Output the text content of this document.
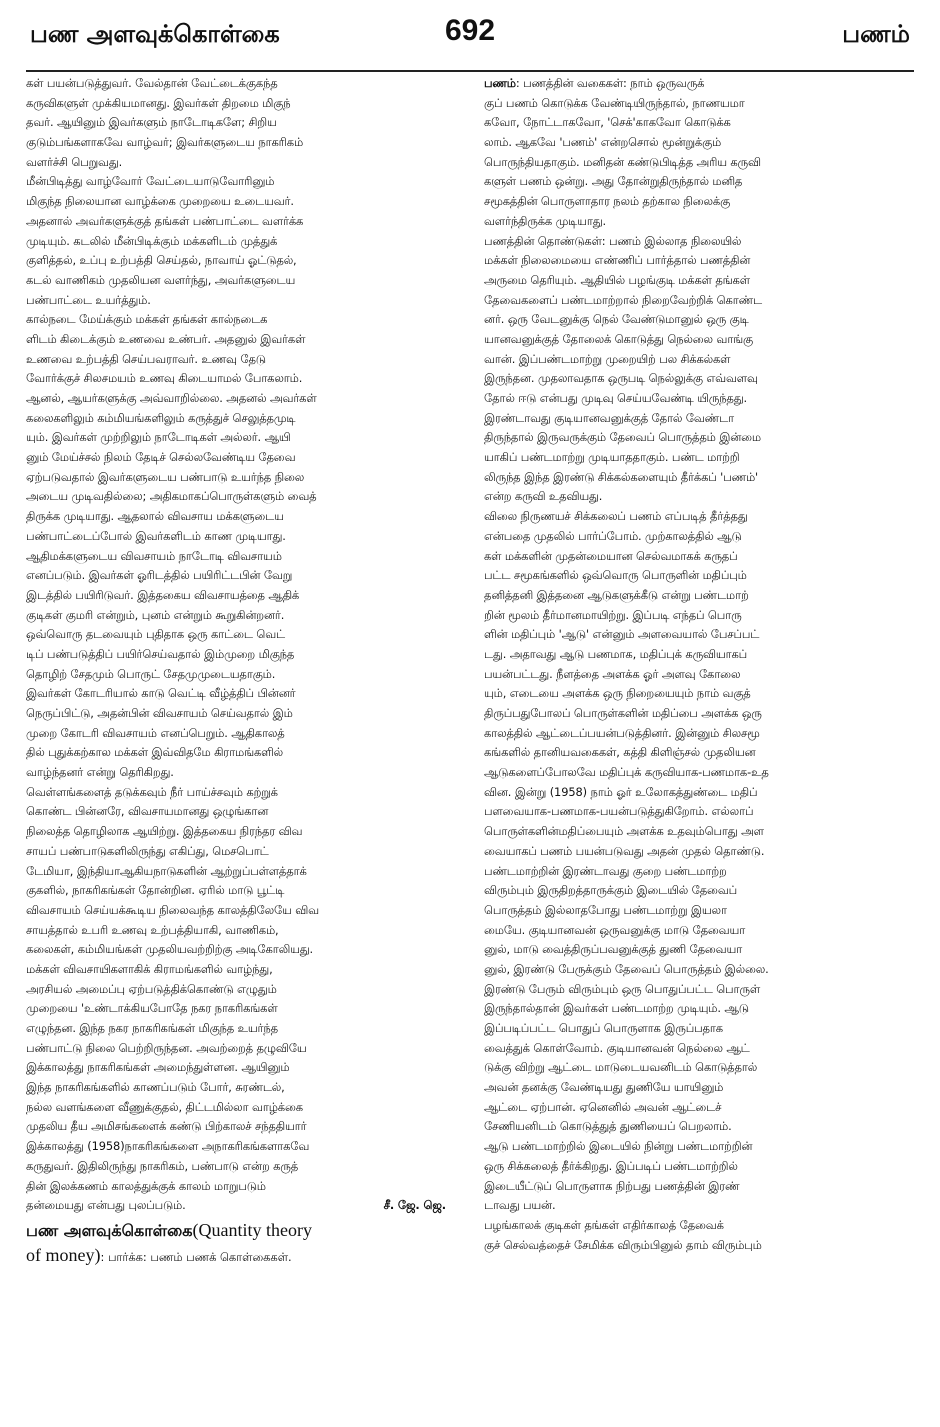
பண அளவுக்கொள்கை	692	பணம்
கள் பயன்படுத்துவர். வேல்தான் வேட்டைக்குகந்த
கருவிகளுள் முக்கியமானது. இவர்கள் திறமை மிகுந்
தவர். ஆயினும் இவர்களும் நாடோடிகளே; சிறிய
குடும்பங்களாகவே வாழ்வர்; இவர்களுடைய நாகரிகம்
வளர்ச்சி பெறுவது.
மீன்பிடித்து வாழ்வோர் வேட்டையாடுவோரினும்
மிகுந்த நிலையான வாழ்க்கை முறையை உடையவர்.
அதனால் அவர்களுக்குத் தங்கள் பண்பாட்டை வளர்க்க
முடியும். கடலில் மீன்பிடிக்கும் மக்களிடம் முத்துக்
குளித்தல், உப்பு உற்பத்தி செய்தல், நாவாய் ஓட்டுதல்,
கடல் வாணிகம் முதலியன வளர்ந்து, அவர்களுடைய
பண்பாட்டை உயர்த்தும்.
கால்நடை மேய்க்கும் மக்கள் தங்கள் கால்நடைக
ளிடம் கிடைக்கும் உணவை உண்பர். அதனுல் இவர்கள்
உணவை உற்பத்தி செய்பவராவர். உணவு தேடு
வோர்க்குச் சிலசமயம் உணவு கிடையாமல் போகலாம்.
ஆனல், ஆயர்களுக்கு அவ்வாறில்லை. அதனல் அவர்கள்
கலைகளிலும் கம்மியங்களிலும் கருத்துச் செலுத்தமுடி
யும். இவர்கள் முற்றிலும் நாடோடிகள் அல்லர். ஆயி
னும் மேய்ச்சல் நிலம் தேடிச் செல்லவேண்டிய தேவை
ஏற்படுவதால் இவர்களுடைய பண்பாடு உயர்ந்த நிலை
அடைய முடிவதில்லை; அதிகமாகப்பொருள்களும் வைத்
திருக்க முடியாது. ஆதலால் விவசாய மக்களுடைய
பண்பாட்டைப்போல் இவர்களிடம் காண முடியாது.
ஆதிமக்களுடைய விவசாயம் நாடோடி விவசாயம்
எனப்படும். இவர்கள் ஓரிடத்தில் பயிரிட்டபின் வேறு
இடத்தில் பயிரிடுவர். இத்தகைய விவசாயத்தை ஆதிக்
குடிகள் குமரி என்றும், புனம் என்றும் கூறுகின்றனர்.
ஒவ்வொரு தடவையும் புதிதாக ஒரு காட்டை வெட்
டிப் பண்படுத்திப் பயிர்செய்வதால் இம்முறை மிகுந்த
தொழிற் சேதமும் பொருட் சேதமுமுடையதாகும்.
இவர்கள் கோடரியால் காடு வெட்டி வீழ்த்திப் பின்னர்
நெருப்பிட்டு, அதன்பின் விவசாயம் செய்வதால் இம்
முறை கோடரி விவசாயம் எனப்பெறும். ஆதிகாலத்
தில் புதுக்கற்கால மக்கள் இவ்விதமே கிராமங்களில்
வாழ்ந்தனர் என்று தெரிகிறது.
வெள்ளங்களைத் தடுக்கவும் நீர் பாய்ச்சவும் கற்றுக்
கொண்ட பின்னரே, விவசாயமானது ஒழுங்கான
நிலைத்த தொழிலாக ஆயிற்று. இத்தகைய நிரந்தர விவ
சாயப் பண்பாடுகளிலிருந்து எகிப்து, மெசபொட்
டேமியா, இந்தியாஆகியநாடுகளின் ஆற்றுப்பள்ளத்தாக்
குகளில், நாகரிகங்கள் தோன்றின. ஏரில் மாடு பூட்டி
விவசாயம் செய்யக்கூடிய நிலைவந்த காலத்திலேயே விவ
சாயத்தால் உபரி உணவு உற்பத்தியாகி, வாணிகம்,
கலைகள், கம்மியங்கள் முதலியவற்றிற்கு அடிகோலியது.
மக்கள் விவசாயிகளாகிக் கிராமங்களில் வாழ்ந்து,
அரசியல் அமைப்பு ஏற்படுத்திக்கொண்டு எழுதும்
முறையை 'உண்டாக்கியபோதே நகர நாகரிகங்கள்
எழுந்தன. இந்த நகர நாகரிகங்கள் மிகுந்த உயர்ந்த
பண்பாட்டு நிலை பெற்றிருந்தன. அவற்றைத் தழுவியே
இக்காலத்து நாகரிகங்கள் அமைந்துள்ளன. ஆயினும்
இந்த நாகரிகங்களில் காணப்படும் போர், சுரண்டல்,
நல்ல வளங்களை வீணுக்குதல், திட்டமில்லா வாழ்க்கை
முதலிய தீய அமிசங்களைக் கண்டு பிற்காலச் சந்ததியார்
இக்காலத்து (1958)நாகரிகங்களை அநாகரிகங்களாகவே
கருதுவர். இதிலிருந்து நாகரிகம், பண்பாடு என்ற கருத்
தின் இலக்கணம் காலத்துக்குக் காலம் மாறுபடும்
தன்மையது என்பது புலப்படும்.	சீ. ஜே. ஜெ.
பண அளவுக்கொள்கை(Quantity theory
of money): பார்க்க: பணம் பணக் கொள்கைகள்.
பணம்: பணத்தின் வகைகள்: நாம் ஒருவருக்
குப் பணம் கொடுக்க வேண்டியிருந்தால், நாணயமா
கவோ, நோட்டாகவோ, 'செக்'காகவோ கொடுக்க
லாம். ஆகவே 'பணம்' என்றசொல் மூன்றுக்கும்
பொருந்தியதாகும். மனிதன் கண்டுபிடித்த அரிய கருவி
களுள் பணம் ஒன்று. அது தோன்றுதிருந்தால் மனித
சமூகத்தின் பொருளாதார நலம் தற்கால நிலைக்கு
வளர்ந்திருக்க முடியாது.
பணத்தின் தொண்டுகள்: பணம் இல்லாத நிலையில்
மக்கள் நிலைமையை எண்ணிப் பார்த்தால் பணத்தின்
அருமை தெரியும். ஆதியில் பழங்குடி மக்கள் தங்கள்
தேவைகளைப் பண்டமாற்றால் நிறைவேற்றிக் கொண்ட
னர். ஒரு வேடனுக்கு நெல் வேண்டுமானுல் ஒரு குடி
யானவனுக்குத் தோலைக் கொடுத்து நெல்லை வாங்கு
வான். இப்பண்டமாற்று முறையிற் பல சிக்கல்கள்
இருந்தன. முதலாவதாக ஒருபடி நெல்லுக்கு எவ்வளவு
தோல் ஈடு என்பது முடிவு செய்யவேண்டி யிருந்தது.
இரண்டாவது குடியானவனுக்குத் தோல் வேண்டா
திருந்தால் இருவருக்கும் தேவைப் பொருத்தம் இன்மை
யாகிப் பண்டமாற்று முடியாததாகும். பண்ட மாற்றி
லிருந்த இந்த இரண்டு சிக்கல்களையும் தீர்க்கப் 'பணம்'
என்ற கருவி உதவியது.
விலை நிருணயச் சிக்கலைப் பணம் எப்படித் தீர்த்தது
என்பதை முதலில் பார்ப்போம். முற்காலத்தில் ஆடு
கள் மக்களின் முதன்மையான செல்வமாகக் கருதப்
பட்ட சமூகங்களில் ஒவ்வொரு பொருளின் மதிப்பும்
தனித்தனி இத்தனை ஆடுகளுக்கீடு என்று பண்டமாற்
றின் மூலம் தீர்மானமாயிற்று. இப்படி எந்தப் பொரு
ளின் மதிப்பும் 'ஆடு' என்னும் அளவையால் பேசப்பட்
டது. அதாவது ஆடு பணமாக, மதிப்புக் கருவியாகப்
பயன்பட்டது. நீளத்தை அளக்க ஓர் அளவு கோலை
யும், எடையை அளக்க ஒரு நிறையையும் நாம் வகுத்
திருப்பதுபோலப் பொருள்களின் மதிப்பை அளக்க ஒரு
காலத்தில் ஆட்டைப்பயன்படுத்தினர். இன்னும் சிலசமூ
கங்களில் தானியவகைகள், கத்தி கிளிஞ்சல் முதலியன
ஆடுகளைப்போலவே மதிப்புக் கருவியாக-பணமாக-உத
வின. இன்று (1958) நாம் ஓர் உலோகத்துண்டை மதிப்
பளவையாக-பணமாக-பயன்படுத்துகிறோம். எல்லாப்
பொருள்களின்மதிப்பையும் அளக்க உதவும்பொது அள
வையாகப் பணம் பயன்படுவது அதன் முதல் தொண்டு.
பண்டமாற்றின் இரண்டாவது குறை பண்டமாற்ற
விரும்பும் இருதிறத்தாருக்கும் இடையில் தேவைப்
பொருத்தம் இல்லாதபோது பண்டமாற்று இயலா
மையே. குடியானவன் ஒருவனுக்கு மாடு தேவையா
னுல், மாடு வைத்திருப்பவனுக்குத் துணி தேவையா
னுல், இரண்டு பேருக்கும் தேவைப் பொருத்தம் இல்லை.
இரண்டு பேரும் விரும்பும் ஒரு பொதுப்பட்ட பொருள்
இருந்தால்தான் இவர்கள் பண்டமாற்ற முடியும். ஆடு
இப்படிப்பட்ட பொதுப் பொருளாக இருப்பதாக
வைத்துக் கொள்வோம். குடியானவன் நெல்லை ஆட்
டுக்கு விற்று ஆட்டை மாடுடையவனிடம் கொடுத்தால்
அவன் தனக்கு வேண்டியது துணியே யாயினும்
ஆட்டை ஏற்பான். ஏனெனில் அவன் ஆட்டைச்
சேணியனிடம் கொடுத்துத் துணியைப் பெறலாம்.
ஆடு பண்டமாற்றில் இடையில் நின்று பண்டமாற்றின்
ஒரு சிக்கலைத் தீர்க்கிறது. இப்படிப் பண்டமாற்றில்
இடையீட்டுப் பொருளாக நிற்பது பணத்தின் இரண்
டாவது பயன்.
பழங்காலக் குடிகள் தங்கள் எதிர்காலத் தேவைக்
குச் செல்வத்தைச் சேமிக்க விரும்பினுல் தாம் விரும்பும்
